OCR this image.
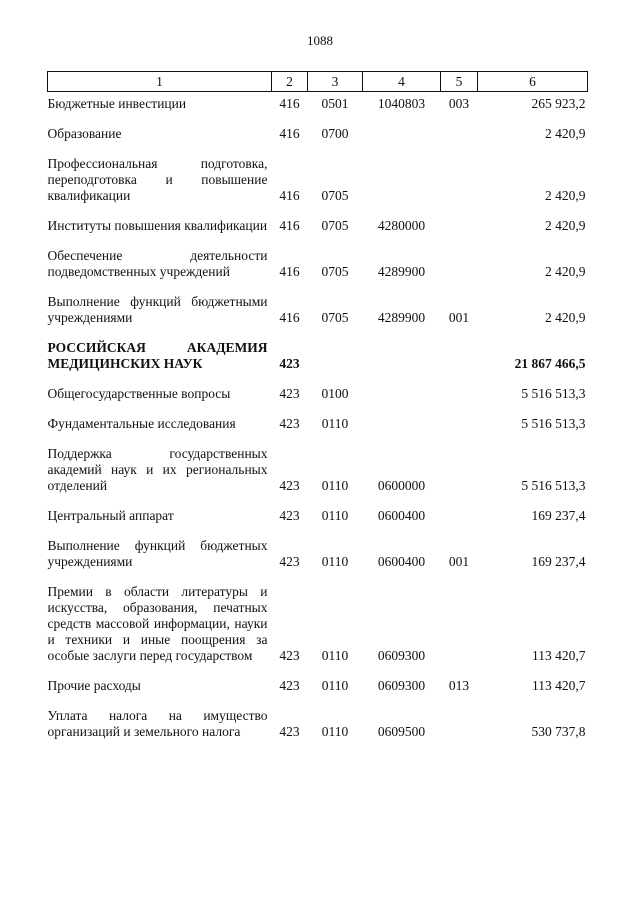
1088
1	2	3	4	5	6
Бюджетные инвестиции	416	0501	1040803	003	265 923,2
Образование	416	0700			2 420,9
Профессиональная подготовка, переподготовка и повышение квалификации	416	0705			2 420,9
Институты повышения квалификации	416	0705	4280000		2 420,9
Обеспечение деятельности подведомственных учреждений	416	0705	4289900		2 420,9
Выполнение функций бюджетными учреждениями	416	0705	4289900	001	2 420,9
РОССИЙСКАЯ АКАДЕМИЯ МЕДИЦИНСКИХ НАУК	423				21 867 466,5
Общегосударственные вопросы	423	0100			5 516 513,3
Фундаментальные исследования	423	0110			5 516 513,3
Поддержка государственных академий наук и их региональных отделений	423	0110	0600000		5 516 513,3
Центральный аппарат	423	0110	0600400		169 237,4
Выполнение функций бюджетных учреждениями	423	0110	0600400	001	169 237,4
Премии в области литературы и искусства, образования, печатных средств массовой информации, науки и техники и иные поощрения за особые заслуги перед государством	423	0110	0609300		113 420,7
Прочие расходы	423	0110	0609300	013	113 420,7
Уплата налога на имущество организаций и земельного налога	423	0110	0609500		530 737,8
